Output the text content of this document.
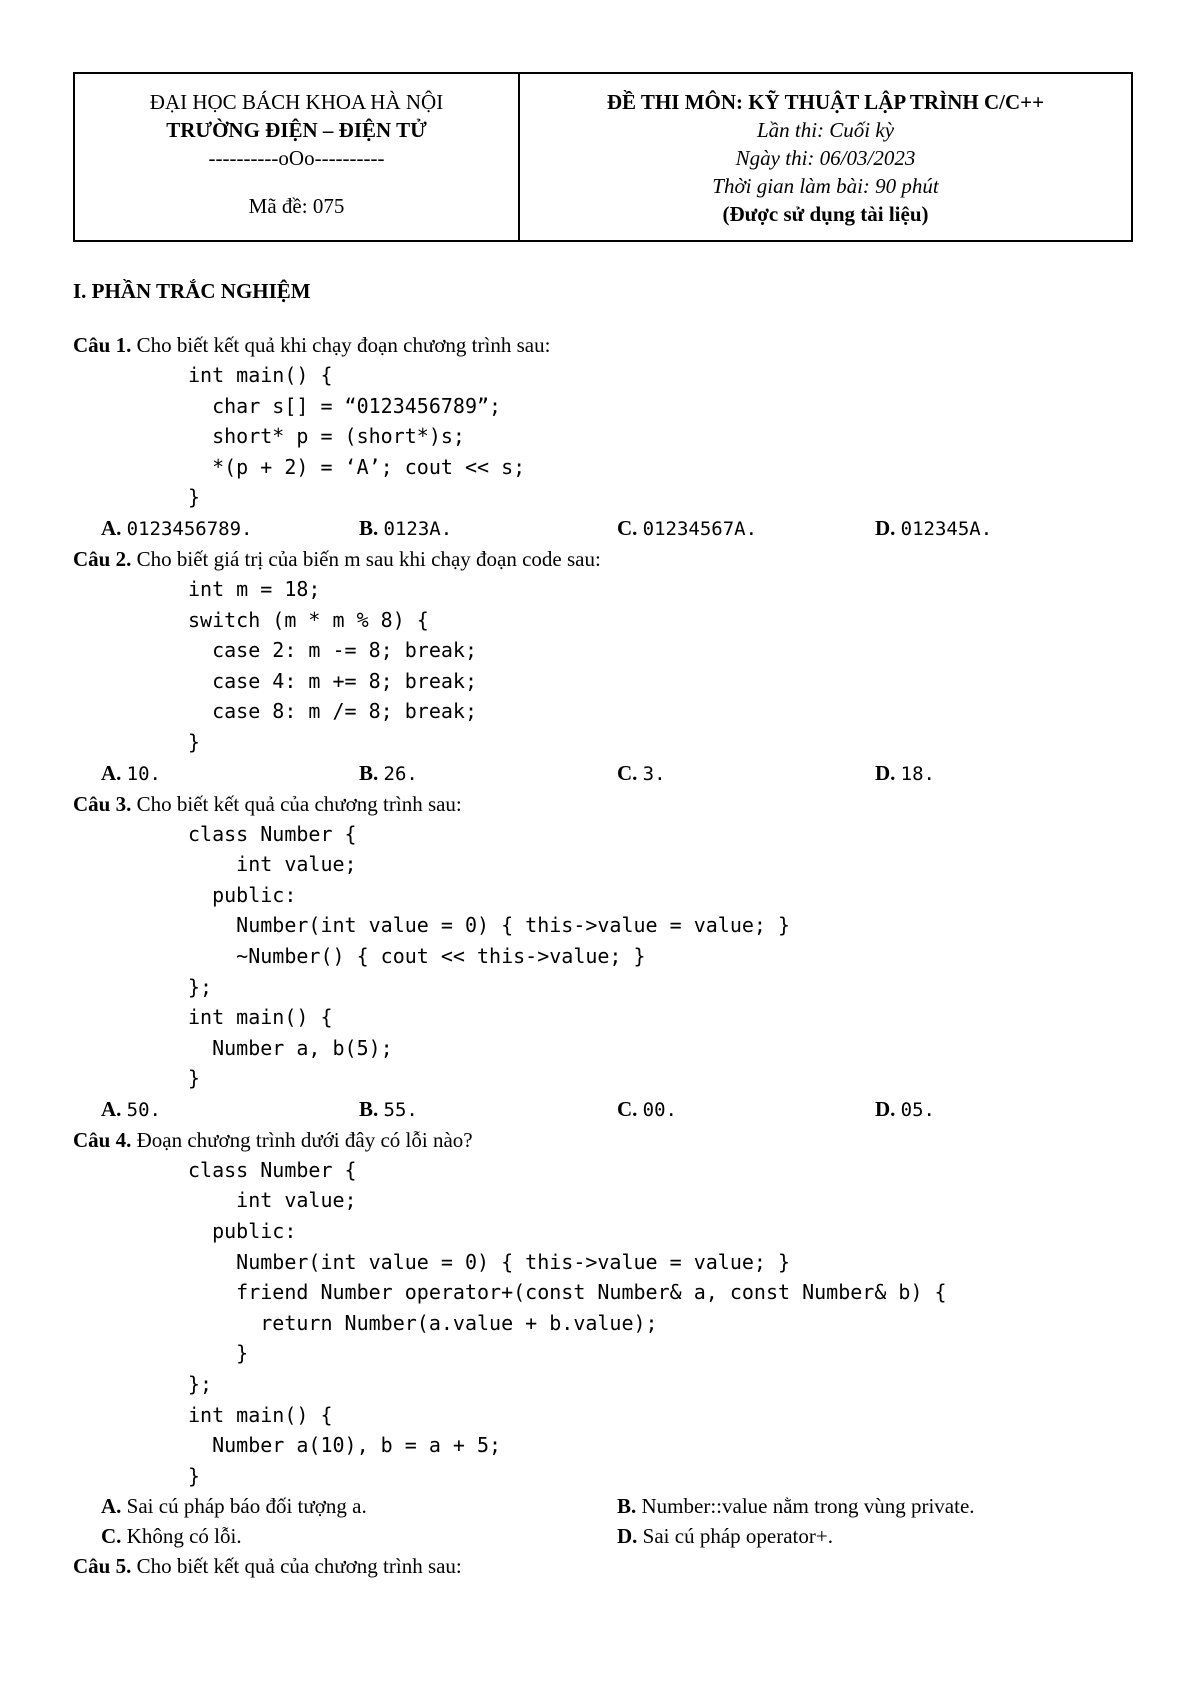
ĐẠI HỌC BÁCH KHOA HÀ NỘI
TRƯỜNG ĐIỆN – ĐIỆN TỬ
----------oOo----------
Mã đề: 075
ĐỀ THI MÔN: KỸ THUẬT LẬP TRÌNH C/C++
Lần thi: Cuối kỳ
Ngày thi: 06/03/2023
Thời gian làm bài: 90 phút
(Được sử dụng tài liệu)
I. PHẦN TRẮC NGHIỆM
Câu 1. Cho biết kết quả khi chạy đoạn chương trình sau:
int main() {
char s[] = “0123456789”;
short* p = (short*)s;
*(p + 2) = ‘A’; cout << s;
}
A. 0123456789.	B. 0123A.	C. 01234567A.	D. 012345A.
Câu 2. Cho biết giá trị của biến m sau khi chạy đoạn code sau:
int m = 18;
switch (m * m % 8) {
case 2: m -= 8; break;
case 4: m += 8; break;
case 8: m /= 8; break;
}
A. 10.	B. 26.	C. 3.	D. 18.
Câu 3. Cho biết kết quả của chương trình sau:
class Number {
int value;
public:
Number(int value = 0) { this->value = value; }
~Number() { cout << this->value; }
};
int main() {
Number a, b(5);
}
A. 50.	B. 55.	C. 00.	D. 05.
Câu 4. Đoạn chương trình dưới đây có lỗi nào?
class Number {
int value;
public:
Number(int value = 0) { this->value = value; }
friend Number operator+(const Number& a, const Number& b) {
return Number(a.value + b.value);
}
};
int main() {
Number a(10), b = a + 5;
}
A. Sai cú pháp báo đối tượng a.	B. Number::value nằm trong vùng private.
C. Không có lỗi.	D. Sai cú pháp operator+.
Câu 5. Cho biết kết quả của chương trình sau:
